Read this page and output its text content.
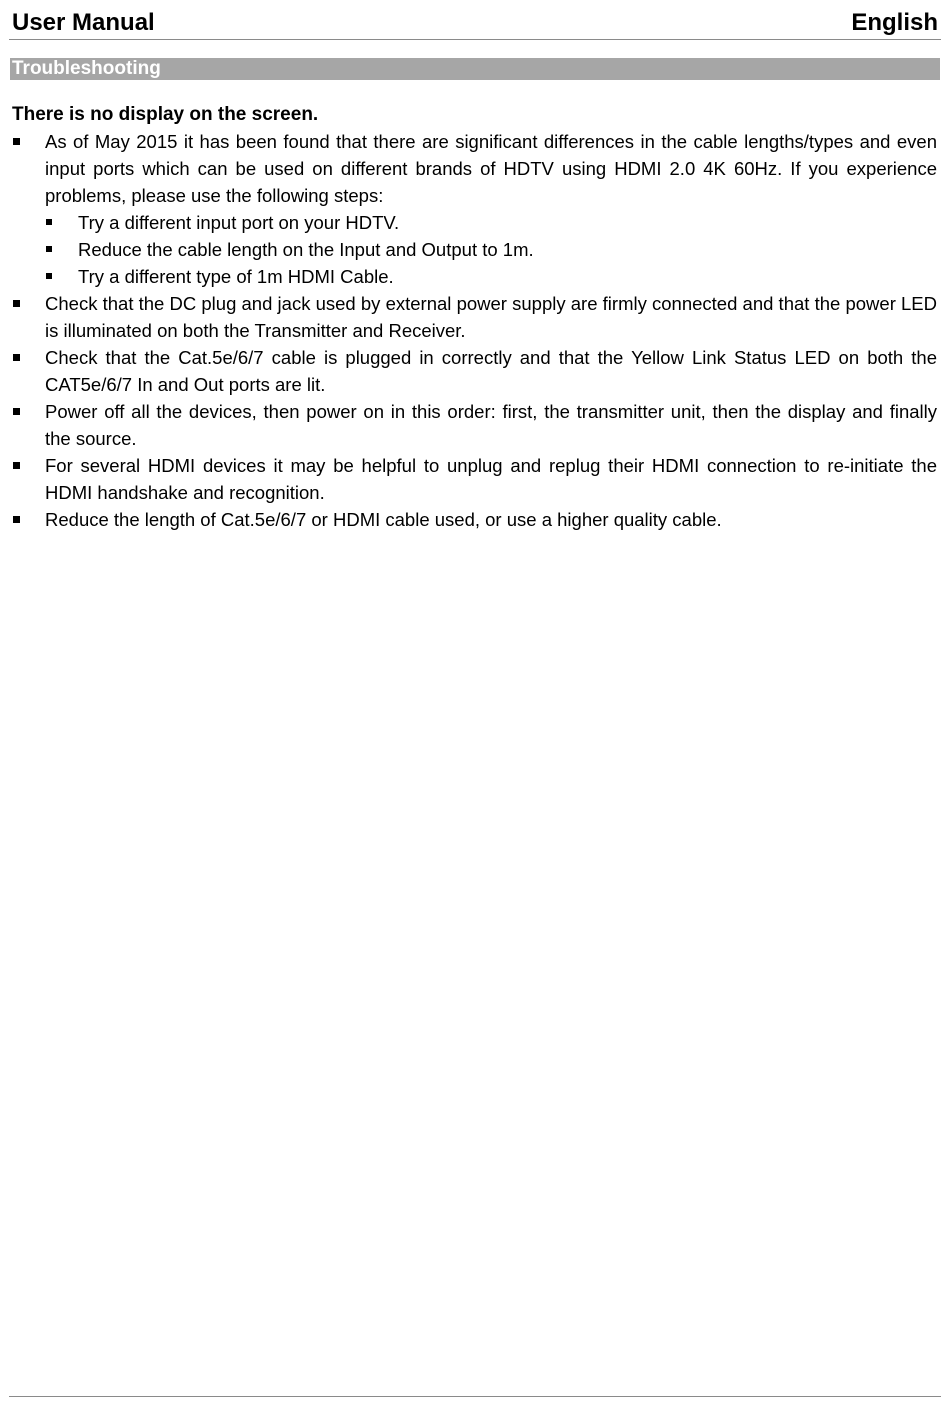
User Manual	English
Troubleshooting

There is no display on the screen.

As of May 2015 it has been found that there are significant differences in the cable lengths/types and even input ports which can be used on different brands of HDTV using HDMI 2.0 4K 60Hz. If you experience problems, please use the following steps:
Try a different input port on your HDTV.
Reduce the cable length on the Input and Output to 1m.
Try a different type of 1m HDMI Cable.
Check that the DC plug and jack used by external power supply are firmly connected and that the power LED is illuminated on both the Transmitter and Receiver.
Check that the Cat.5e/6/7 cable is plugged in correctly and that the Yellow Link Status LED on both the CAT5e/6/7 In and Out ports are lit.
Power off all the devices, then power on in this order: first, the transmitter unit, then the display and finally the source.
For several HDMI devices it may be helpful to unplug and replug their HDMI connection to re-initiate the HDMI handshake and recognition.
Reduce the length of Cat.5e/6/7 or HDMI cable used, or use a higher quality cable.
